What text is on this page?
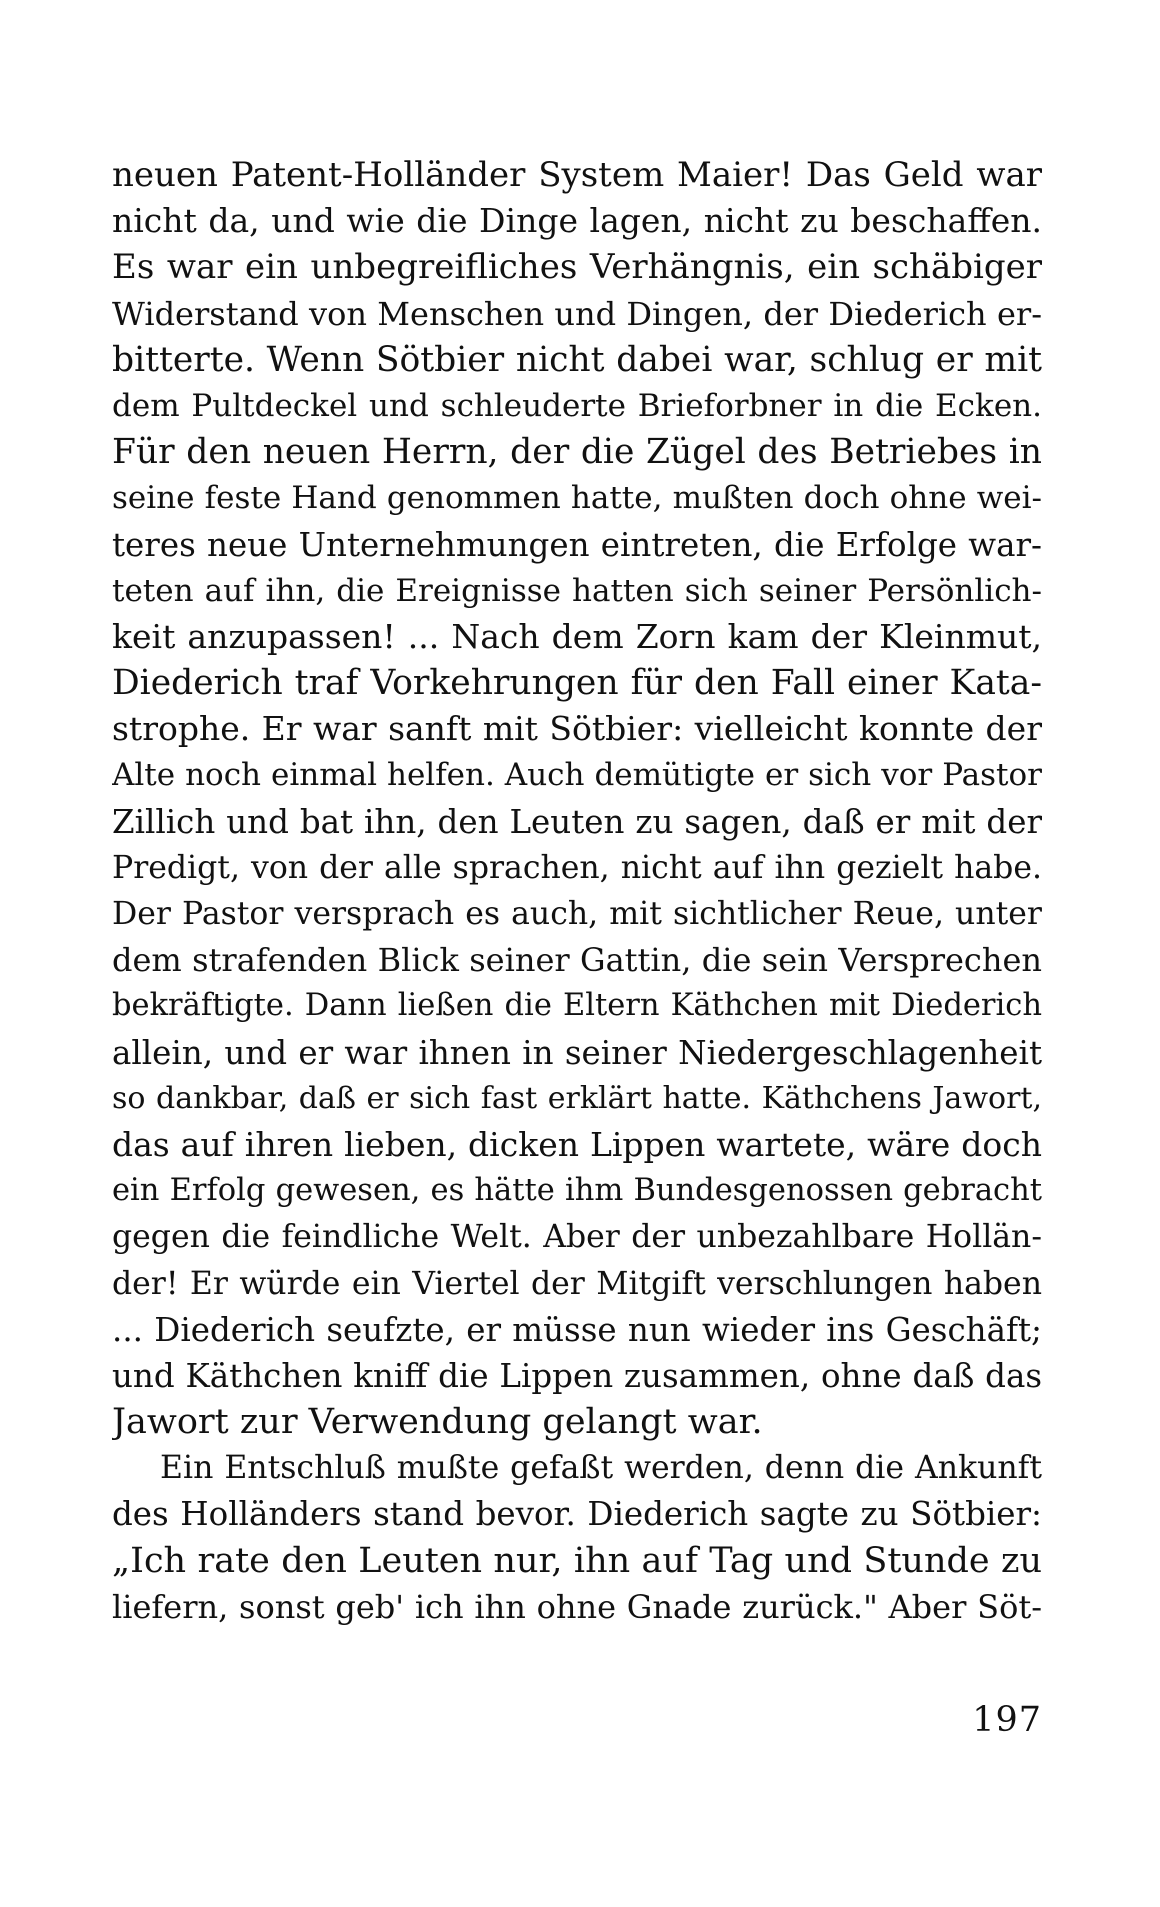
neuen Patent-Holländer System Maier! Das Geld war
nicht da, und wie die Dinge lagen, nicht zu beschaffen.
Es war ein unbegreifliches Verhängnis, ein schäbiger
Widerstand von Menschen und Dingen, der Diederich er-
bitterte. Wenn Sötbier nicht dabei war, schlug er mit
dem Pultdeckel und schleuderte Brieforbner in die Ecken.
Für den neuen Herrn, der die Zügel des Betriebes in
seine feste Hand genommen hatte, mußten doch ohne wei-
teres neue Unternehmungen eintreten, die Erfolge war-
teten auf ihn, die Ereignisse hatten sich seiner Persönlich-
keit anzupassen! ... Nach dem Zorn kam der Kleinmut,
Diederich traf Vorkehrungen für den Fall einer Kata-
strophe. Er war sanft mit Sötbier: vielleicht konnte der
Alte noch einmal helfen. Auch demütigte er sich vor Pastor
Zillich und bat ihn, den Leuten zu sagen, daß er mit der
Predigt, von der alle sprachen, nicht auf ihn gezielt habe.
Der Pastor versprach es auch, mit sichtlicher Reue, unter
dem strafenden Blick seiner Gattin, die sein Versprechen
bekräftigte. Dann ließen die Eltern Käthchen mit Diederich
allein, und er war ihnen in seiner Niedergeschlagenheit
so dankbar, daß er sich fast erklärt hatte. Käthchens Jawort,
das auf ihren lieben, dicken Lippen wartete, wäre doch
ein Erfolg gewesen, es hätte ihm Bundesgenossen gebracht
gegen die feindliche Welt. Aber der unbezahlbare Hollän-
der! Er würde ein Viertel der Mitgift verschlungen haben
... Diederich seufzte, er müsse nun wieder ins Geschäft;
und Käthchen kniff die Lippen zusammen, ohne daß das
Jawort zur Verwendung gelangt war.
Ein Entschluß mußte gefaßt werden, denn die Ankunft
des Holländers stand bevor. Diederich sagte zu Sötbier:
„Ich rate den Leuten nur, ihn auf Tag und Stunde zu
liefern, sonst geb' ich ihn ohne Gnade zurück." Aber Söt-
197
